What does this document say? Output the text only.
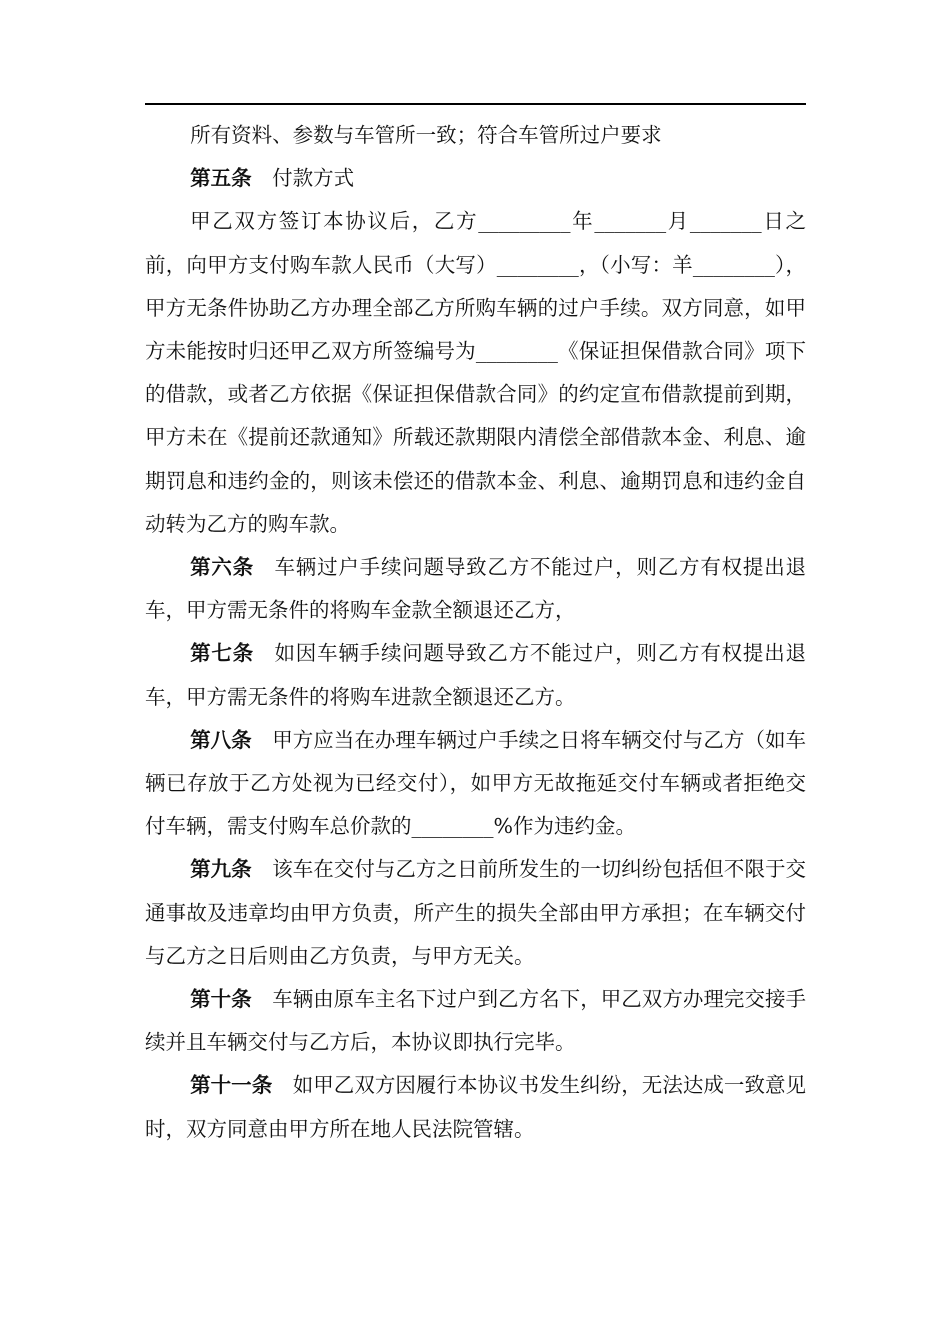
所有资料、参数与车管所一致；符合车管所过户要求

第五条 付款方式

甲乙双方签订本协议后，乙方_________年_______月_______日之前，向甲方支付购车款人民币（大写）________，（小写：羊________），甲方无条件协助乙方办理全部乙方所购车辆的过户手续。双方同意，如甲方未能按时归还甲乙双方所签编号为________《保证担保借款合同》项下的借款，或者乙方依据《保证担保借款合同》的约定宣布借款提前到期，甲方未在《提前还款通知》所载还款期限内清偿全部借款本金、利息、逾期罚息和违约金的，则该未偿还的借款本金、利息、逾期罚息和违约金自动转为乙方的购车款。

第六条 车辆过户手续问题导致乙方不能过户，则乙方有权提出退车，甲方需无条件的将购车金款全额退还乙方，

第七条 如因车辆手续问题导致乙方不能过户，则乙方有权提出退车，甲方需无条件的将购车进款全额退还乙方。

第八条 甲方应当在办理车辆过户手续之日将车辆交付与乙方（如车辆已存放于乙方处视为已经交付），如甲方无故拖延交付车辆或者拒绝交付车辆，需支付购车总价款的________%作为违约金。

第九条 该车在交付与乙方之日前所发生的一切纠纷包括但不限于交通事故及违章均由甲方负责，所产生的损失全部由甲方承担；在车辆交付与乙方之日后则由乙方负责，与甲方无关。

第十条 车辆由原车主名下过户到乙方名下，甲乙双方办理完交接手续并且车辆交付与乙方后，本协议即执行完毕。

第十一条 如甲乙双方因履行本协议书发生纠纷，无法达成一致意见时，双方同意由甲方所在地人民法院管辖。
